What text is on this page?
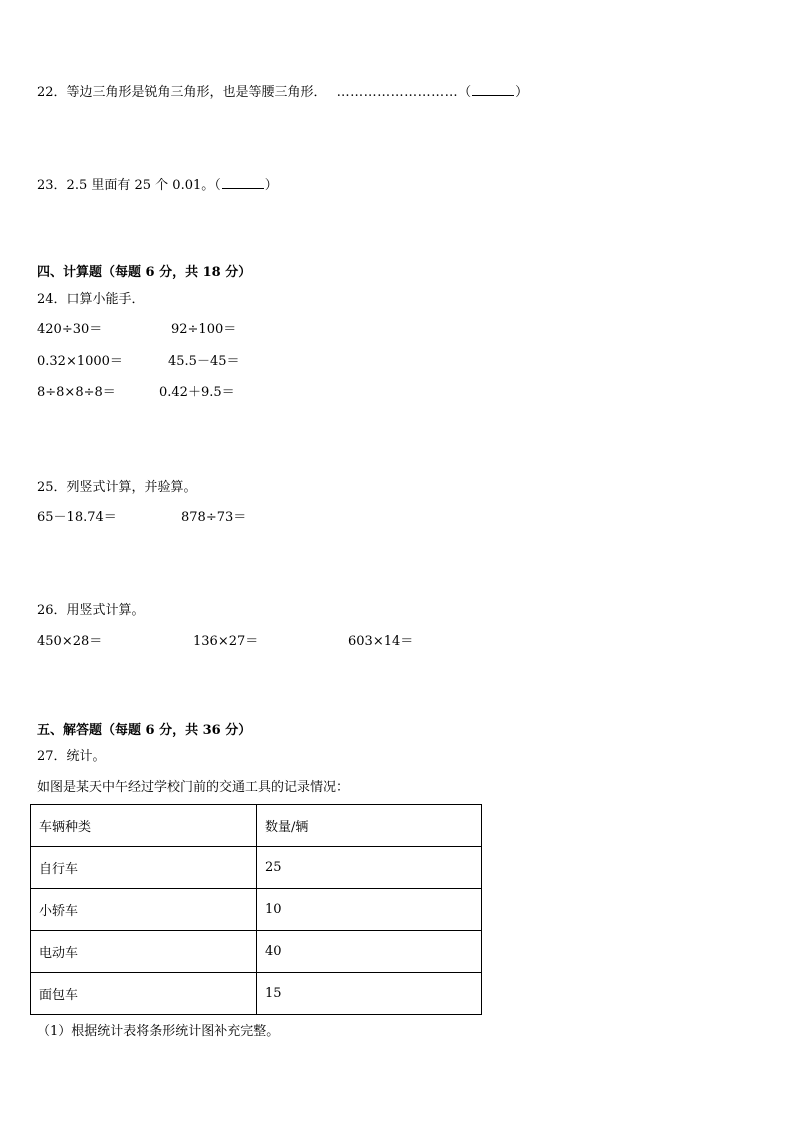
22．等边三角形是锐角三角形，也是等腰三角形． ………………………（	）
23．2.5 里面有 25 个 0.01。（	）
四、计算题（每题 6 分，共 18 分）
24．口算小能手．
420÷30＝	92÷100＝
0.32×1000＝	45.5－45＝
8÷8×8÷8＝	0.42＋9.5＝
25．列竖式计算，并验算。
65－18.74＝	878÷73＝
26．用竖式计算。
450×28＝	136×27＝	603×14＝
五、解答题（每题 6 分，共 36 分）
27．统计。
如图是某天中午经过学校门前的交通工具的记录情况：
车辆种类	数量/辆
自行车	25
小轿车	10
电动车	40
面包车	15
（1）根据统计表将条形统计图补充完整。
